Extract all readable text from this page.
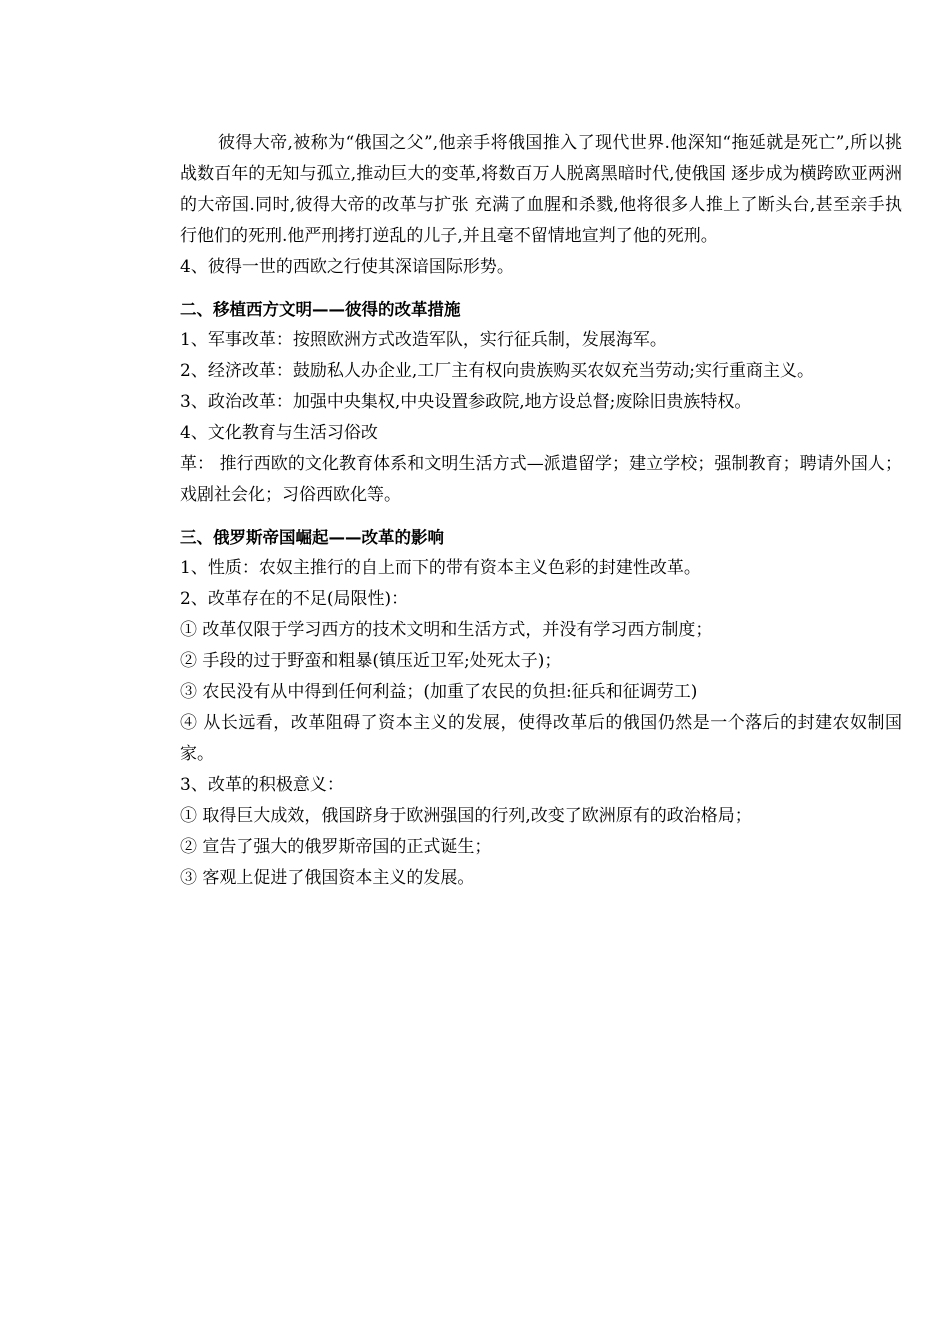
彼得大帝,被称为“俄国之父”,他亲手将俄国推入了现代世界.他深知“拖延就是死亡”,所以挑战数百年的无知与孤立,推动巨大的变革,将数百万人脱离黑暗时代,使俄国 逐步成为横跨欧亚两洲的大帝国.同时,彼得大帝的改革与扩张 充满了血腥和杀戮,他将很多人推上了断头台,甚至亲手执行他们的死刑.他严刑拷打逆乱的儿子,并且毫不留情地宣判了他的死刑。

4、彼得一世的西欧之行使其深谙国际形势。

二、移植西方文明——彼得的改革措施

1、军事改革：按照欧洲方式改造军队，实行征兵制，发展海军。

2、经济改革：鼓励私人办企业,工厂主有权向贵族购买农奴充当劳动;实行重商主义。

3、政治改革：加强中央集权,中央设置参政院,地方设总督;废除旧贵族特权。

4、文化教育与生活习俗改

革： 推行西欧的文化教育体系和文明生活方式—派遣留学；建立学校；强制教育；聘请外国人；戏剧社会化；习俗西欧化等。

三、俄罗斯帝国崛起——改革的影响

1、性质：农奴主推行的自上而下的带有资本主义色彩的封建性改革。

2、改革存在的不足(局限性)：

① 改革仅限于学习西方的技术文明和生活方式，并没有学习西方制度；

② 手段的过于野蛮和粗暴(镇压近卫军;处死太子)；

③ 农民没有从中得到任何利益；(加重了农民的负担:征兵和征调劳工)

④ 从长远看，改革阻碍了资本主义的发展，使得改革后的俄国仍然是一个落后的封建农奴制国家。

3、改革的积极意义：

① 取得巨大成效，俄国跻身于欧洲强国的行列,改变了欧洲原有的政治格局；

② 宣告了强大的俄罗斯帝国的正式诞生；

③ 客观上促进了俄国资本主义的发展。
